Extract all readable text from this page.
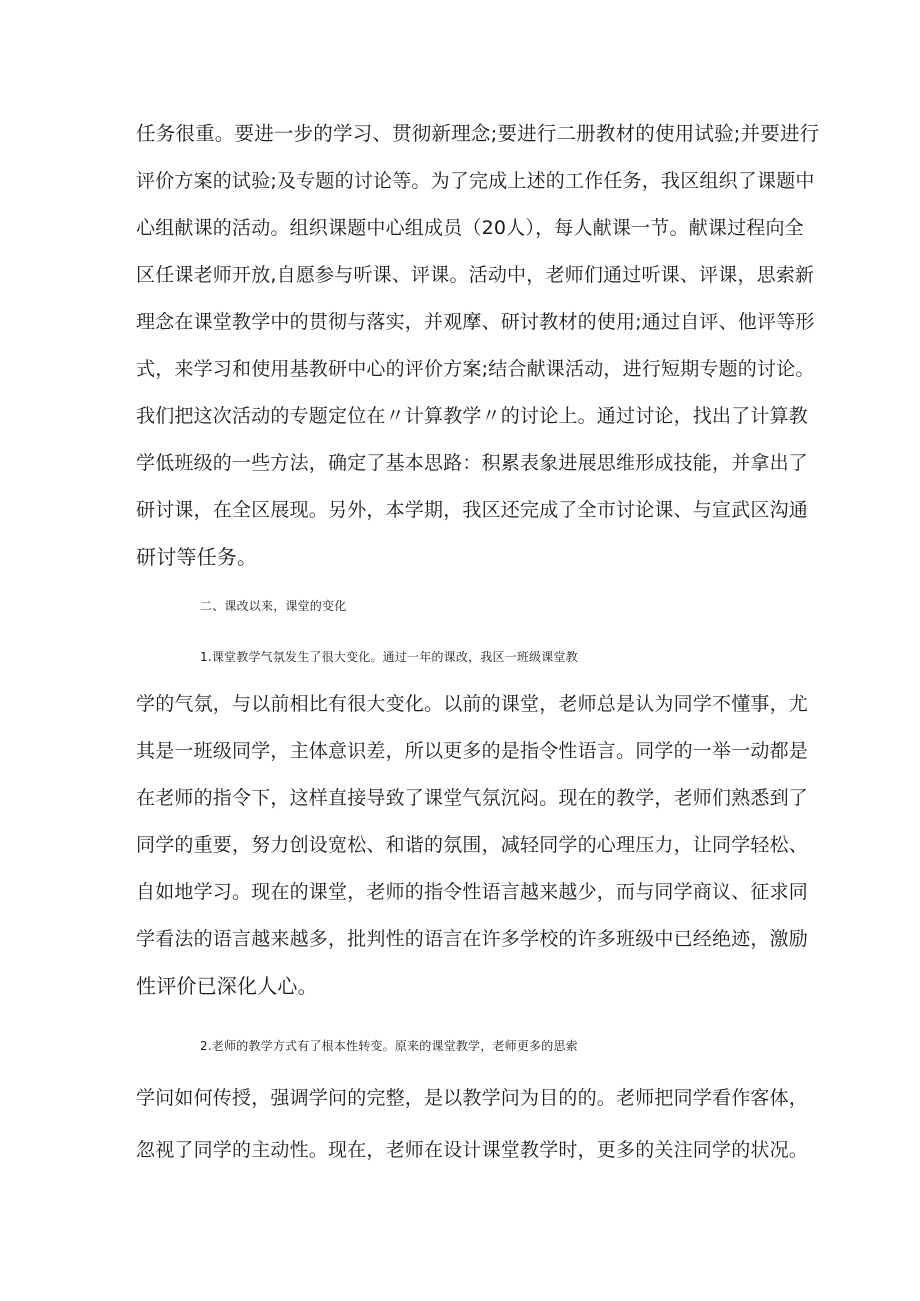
任务很重。要进一步的学习、贯彻新理念;要进行二册教材的使用试验;并要进行
评价方案的试验;及专题的讨论等。为了完成上述的工作任务，我区组织了课题中
心组献课的活动。组织课题中心组成员（20人），每人献课一节。献课过程向全
区任课老师开放,自愿参与听课、评课。活动中，老师们通过听课、评课，思索新
理念在课堂教学中的贯彻与落实，并观摩、研讨教材的使用;通过自评、他评等形
式，来学习和使用基教研中心的评价方案;结合献课活动，进行短期专题的讨论。
我们把这次活动的专题定位在〃计算教学〃的讨论上。通过讨论，找出了计算教
学低班级的一些方法，确定了基本思路：积累表象进展思维形成技能，并拿出了
研讨课，在全区展现。另外，本学期，我区还完成了全市讨论课、与宣武区沟通
研讨等任务。
二、课改以来，课堂的变化
1.课堂教学气氛发生了很大变化。通过一年的课改，我区一班级课堂教
学的气氛，与以前相比有很大变化。以前的课堂，老师总是认为同学不懂事，尤
其是一班级同学，主体意识差，所以更多的是指令性语言。同学的一举一动都是
在老师的指令下，这样直接导致了课堂气氛沉闷。现在的教学，老师们熟悉到了
同学的重要，努力创设宽松、和谐的氛围，减轻同学的心理压力，让同学轻松、
自如地学习。现在的课堂，老师的指令性语言越来越少，而与同学商议、征求同
学看法的语言越来越多，批判性的语言在许多学校的许多班级中已经绝迹，激励
性评价已深化人心。
2.老师的教学方式有了根本性转变。原来的课堂教学，老师更多的思索
学问如何传授，强调学问的完整，是以教学问为目的的。老师把同学看作客体，
忽视了同学的主动性。现在，老师在设计课堂教学时，更多的关注同学的状况。
